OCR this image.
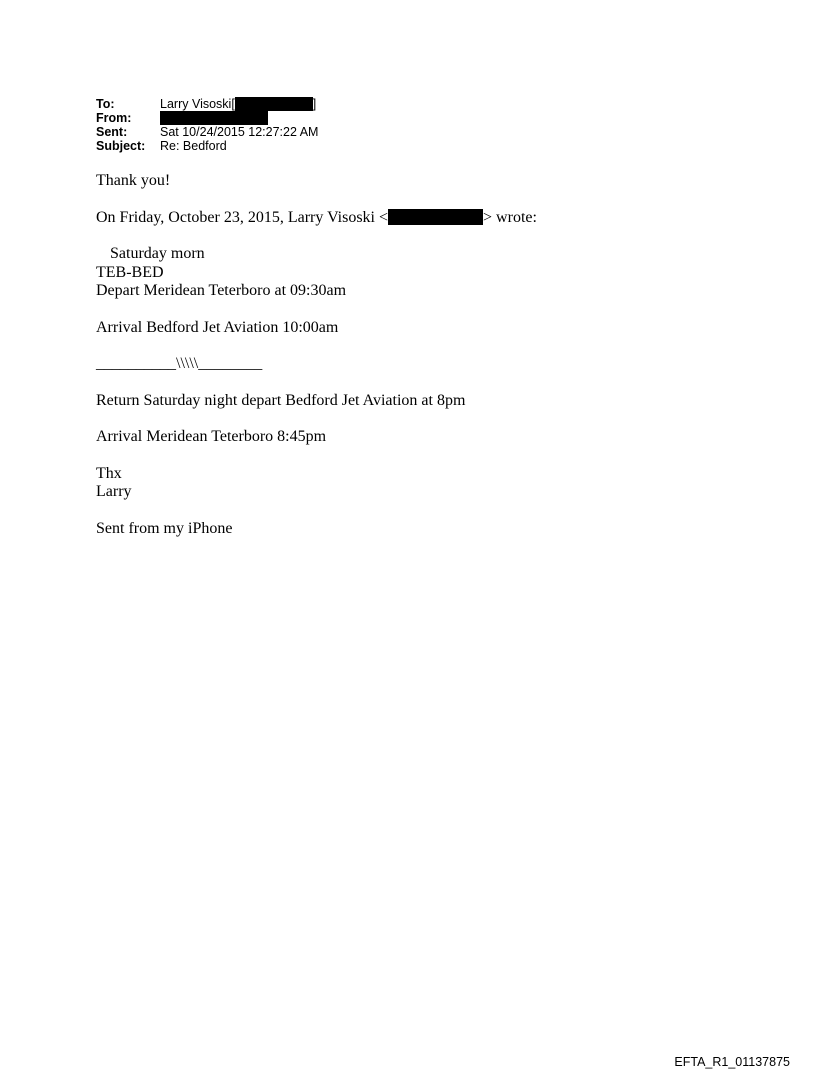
To:	Larry Visoski[	]
From:
Sent:	Sat 10/24/2015 12:27:22 AM
Subject:	Re: Bedford

Thank you!

On Friday, October 23, 2015, Larry Visoski <	> wrote:

Saturday morn

TEB-BED

Depart Meridean Teterboro at 09:30am

Arrival Bedford Jet Aviation 10:00am

__________\\\\\________

Return Saturday night depart Bedford Jet Aviation at 8pm

Arrival Meridean Teterboro 8:45pm

Thx

Larry

Sent from my iPhone

EFTA_R1_01137875
